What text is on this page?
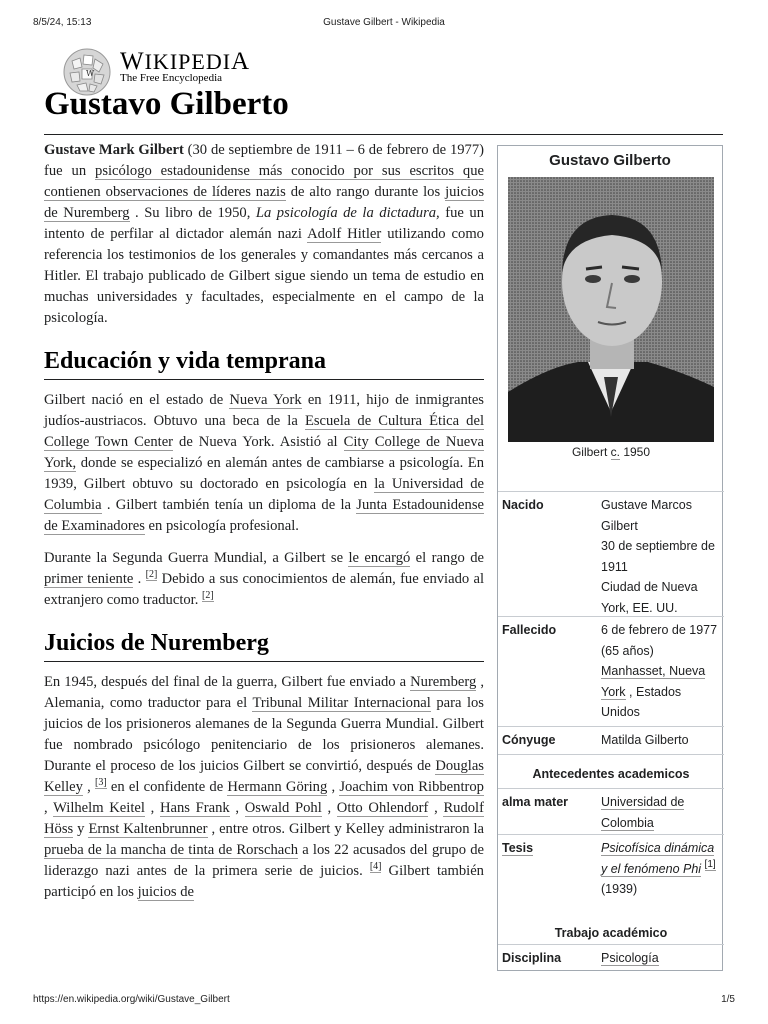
8/5/24, 15:13	Gustave Gilbert - Wikipedia
W WIKIPEDIA
The Free Encyclopedia
Gustavo Gilberto

Gustave Mark Gilbert (30 de septiembre de 1911 – 6 de febrero de 1977) fue un psicólogo estadounidense más conocido por sus escritos que contienen observaciones de líderes nazis de alto rango durante los juicios de Nuremberg . Su libro de 1950, La psicología de la dictadura, fue un intento de perfilar al dictador alemán nazi Adolf Hitler utilizando como referencia los testimonios de los generales y comandantes más cercanos a Hitler. El trabajo publicado de Gilbert sigue siendo un tema de estudio en muchas universidades y facultades, especialmente en el campo de la psicología.

Educación y vida temprana

Gilbert nació en el estado de Nueva York en 1911, hijo de inmigrantes judíos-austriacos. Obtuvo una beca de la Escuela de Cultura Ética del College Town Center de Nueva York. Asistió al City College de Nueva York, donde se especializó en alemán antes de cambiarse a psicología. En 1939, Gilbert obtuvo su doctorado en psicología en la Universidad de Columbia . Gilbert también tenía un diploma de la Junta Estadounidense de Examinadores en psicología profesional.

Durante la Segunda Guerra Mundial, a Gilbert se le encargó el rango de primer teniente . [2] Debido a sus conocimientos de alemán, fue enviado al extranjero como traductor. [2]

Juicios de Nuremberg

En 1945, después del final de la guerra, Gilbert fue enviado a Nuremberg , Alemania, como traductor para el Tribunal Militar Internacional para los juicios de los prisioneros alemanes de la Segunda Guerra Mundial. Gilbert fue nombrado psicólogo penitenciario de los prisioneros alemanes. Durante el proceso de los juicios Gilbert se convirtió, después de Douglas Kelley , [3] en el confidente de Hermann Göring , Joachim von Ribbentrop , Wilhelm Keitel , Hans Frank , Oswald Pohl , Otto Ohlendorf , Rudolf Höss y Ernst Kaltenbrunner , entre otros. Gilbert y Kelley administraron la prueba de la mancha de tinta de Rorschach a los 22 acusados del grupo de liderazgo nazi antes de la primera serie de juicios. [4] Gilbert también participó en los juicios de

Gustavo Gilberto
Gilbert c. 1950
Nacido	Gustave Marcos Gilbert
30 de septiembre de 1911
Ciudad de Nueva York, EE. UU.
Fallecido	6 de febrero de 1977 (65 años)
Manhasset, Nueva York , Estados Unidos
Cónyuge	Matilda Gilberto
Antecedentes academicos
alma mater	Universidad de Colombia
Tesis	Psicofísica dinámica y el fenómeno Phi [1]
(1939)
Trabajo académico
Disciplina	Psicología
https://en.wikipedia.org/wiki/Gustave_Gilbert	1/5
